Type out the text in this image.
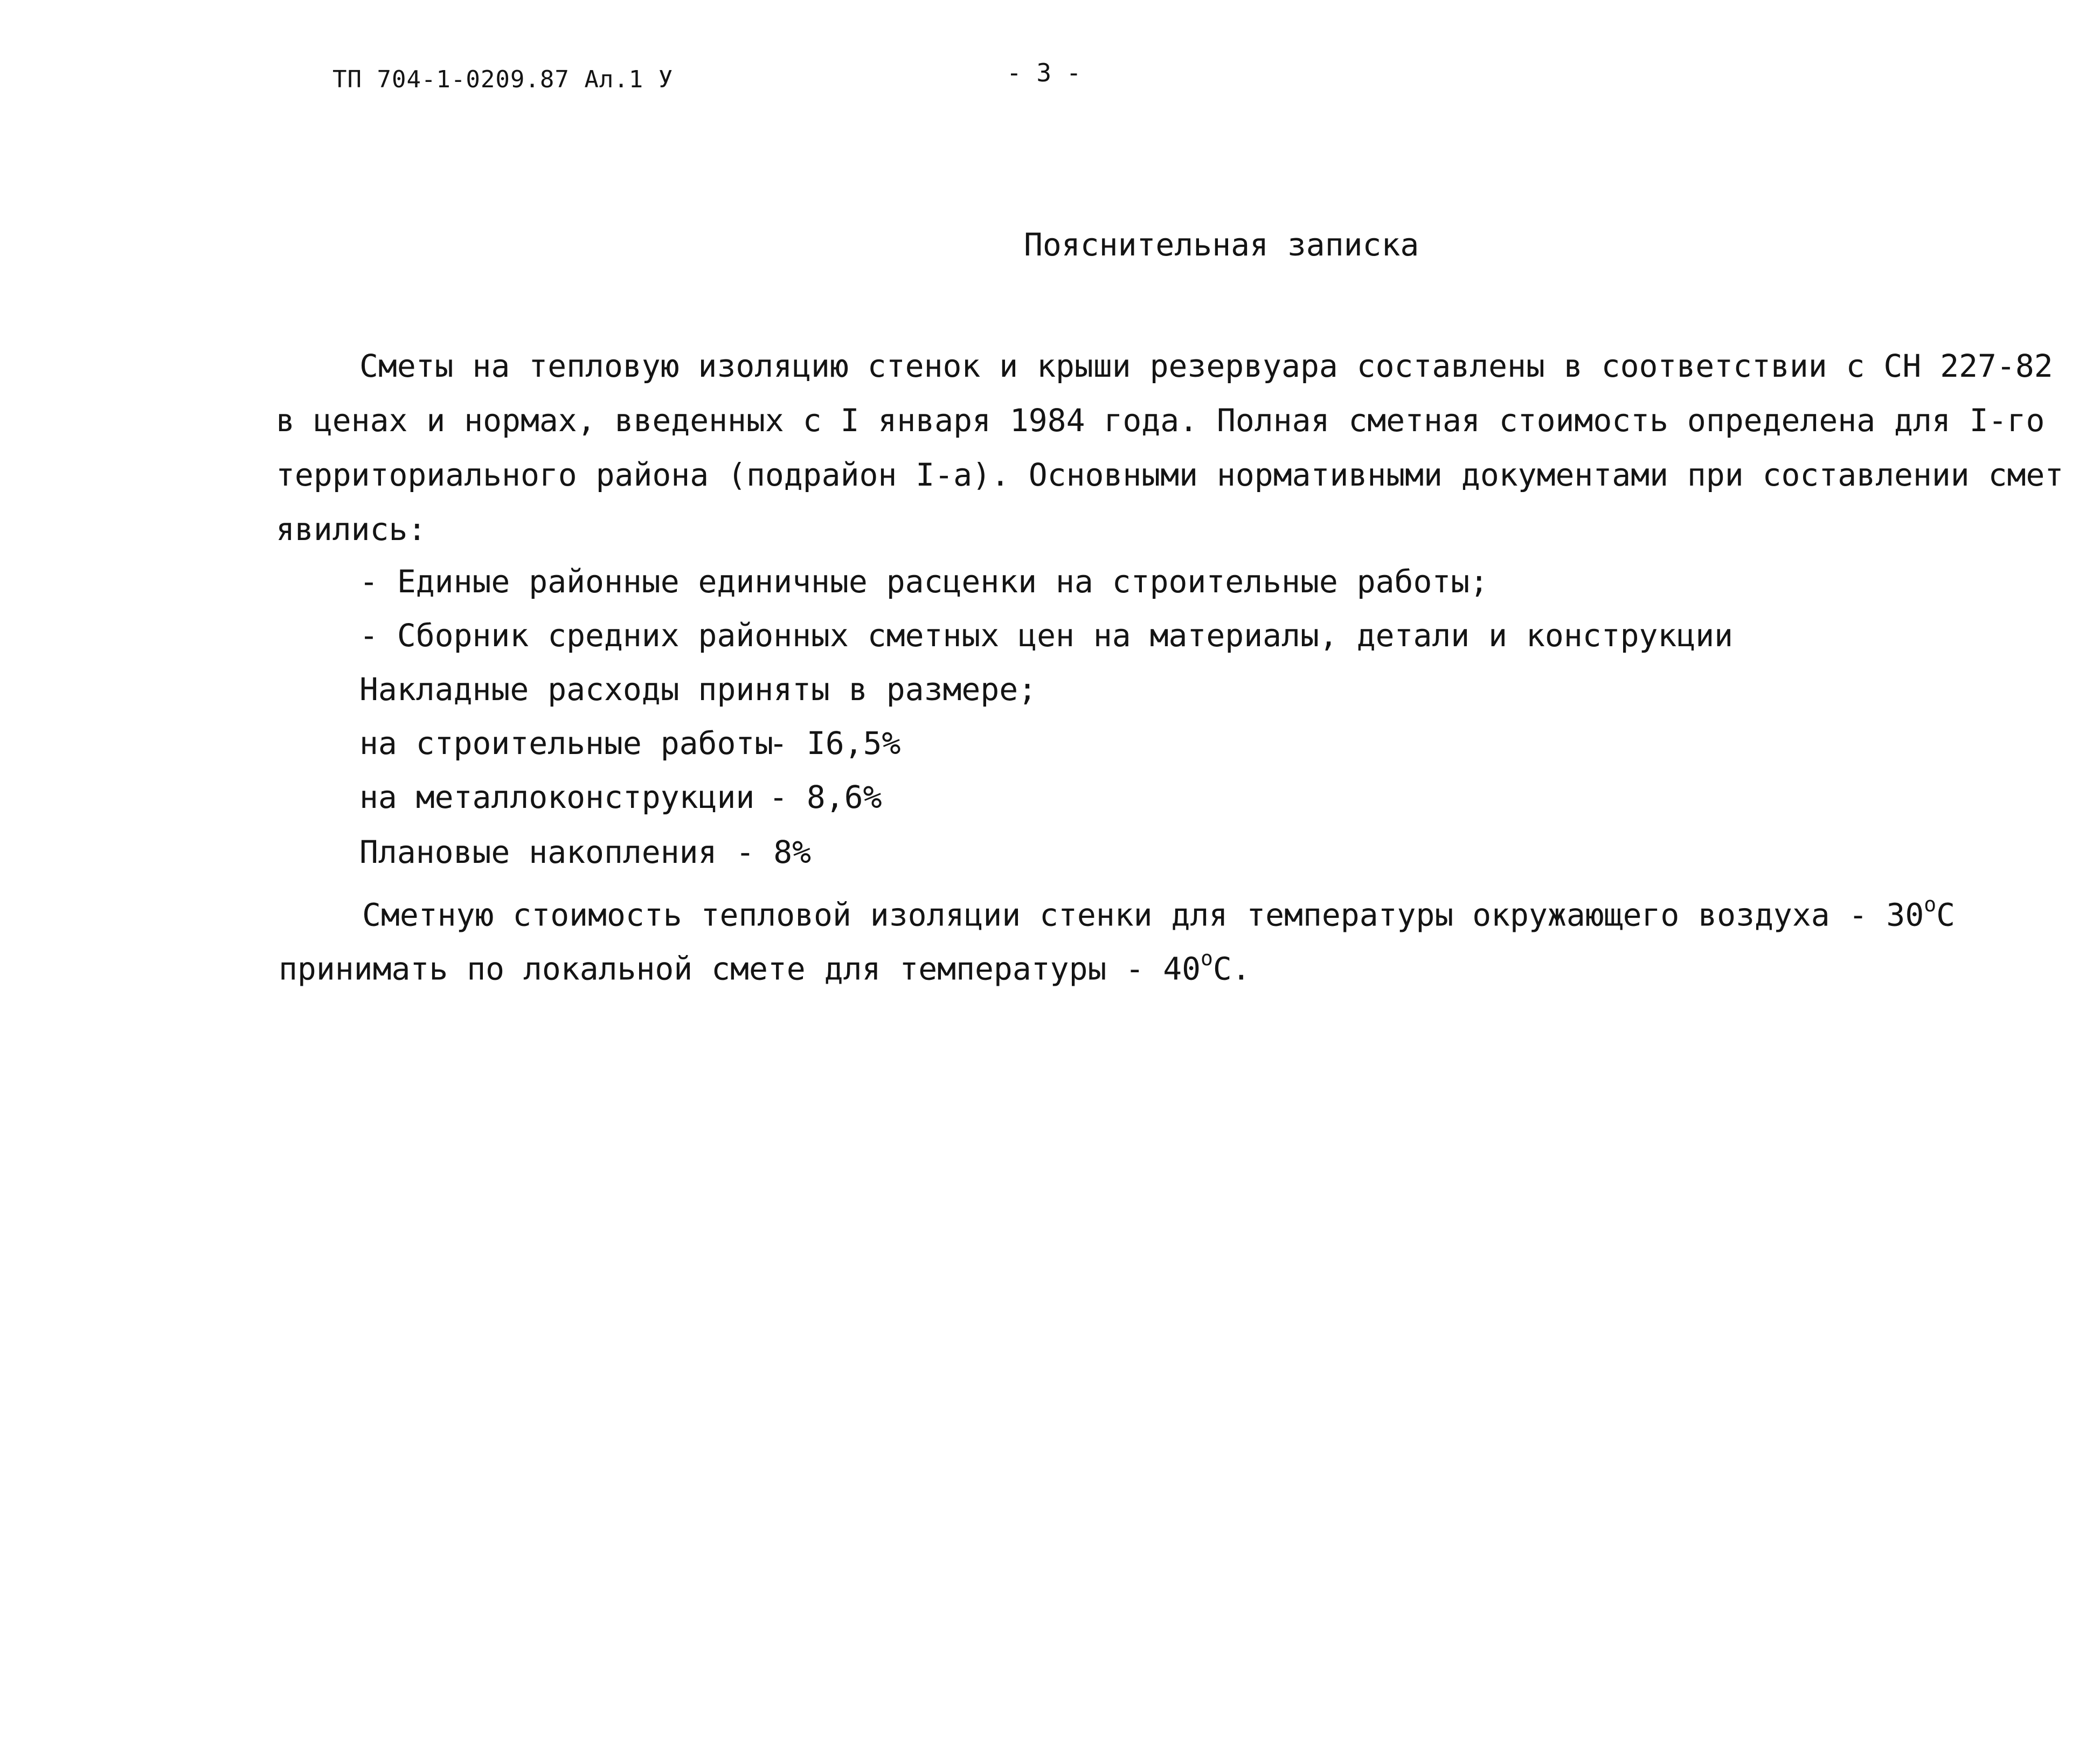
ТП 704-1-0209.87 Ал.1 У	- 3 -
Пояснительная записка
Сметы на тепловую изоляцию стенок и крыши резервуара составлены в соответствии с СН 227-82
в ценах и нормах, введенных с I января 1984 года. Полная сметная стоимость определена для I-го
территориального района (подрайон I-а). Основными нормативными документами при составлении смет
явились:
- Единые районные единичные расценки на строительные работы;
- Сборник средних районных сметных цен на материалы, детали и конструкции
Накладные расходы приняты в размере;
на строительные работы
- I6,5%
на металлоконструкции - 8,6%
Плановые накопления - 8%
Сметную стоимость тепловой изоляции стенки для температуры окружающего воздуха - $30^оС$
принимать по локальной смете для температуры - $40^оС$.
